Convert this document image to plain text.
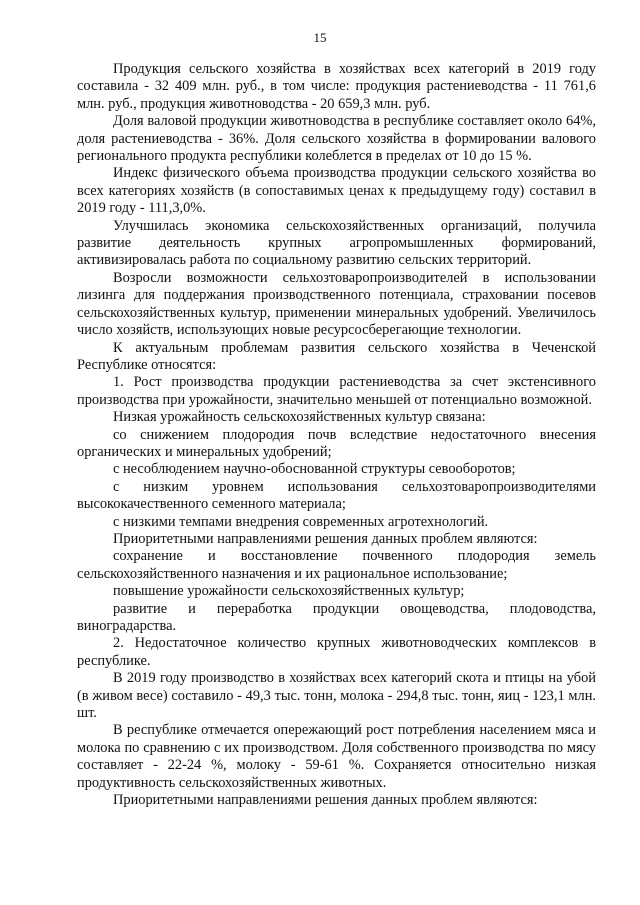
15

Продукция сельского хозяйства в хозяйствах всех категорий в 2019 году составила - 32 409 млн. руб., в том числе: продукция растениеводства - 11 761,6 млн. руб., продукция животноводства - 20 659,3 млн. руб.

Доля валовой продукции животноводства в республике составляет около 64%, доля растениеводства - 36%. Доля сельского хозяйства в формировании валового регионального продукта республики колеблется в пределах от 10 до 15 %.

Индекс физического объема производства продукции сельского хозяйства во всех категориях хозяйств (в сопоставимых ценах к предыдущему году) составил в 2019 году - 111,3,0%.

Улучшилась экономика сельскохозяйственных организаций, получила развитие деятельность крупных агропромышленных формирований, активизировалась работа по социальному развитию сельских территорий.

Возросли возможности сельхозтоваропроизводителей в использовании лизинга для поддержания производственного потенциала, страховании посевов сельскохозяйственных культур, применении минеральных удобрений. Увеличилось число хозяйств, использующих новые ресурсосберегающие технологии.

К актуальным проблемам развития сельского хозяйства в Чеченской Республике относятся:

1. Рост производства продукции растениеводства за счет экстенсивного производства при урожайности, значительно меньшей от потенциально возможной.

Низкая урожайность сельскохозяйственных культур связана:

со снижением плодородия почв вследствие недостаточного внесения органических и минеральных удобрений;

с несоблюдением научно-обоснованной структуры севооборотов;

с низким уровнем использования сельхозтоваропроизводителями высококачественного семенного материала;

с низкими темпами внедрения современных агротехнологий.

Приоритетными направлениями решения данных проблем являются:

сохранение и восстановление почвенного плодородия земель сельскохозяйственного назначения и их рациональное использование;

повышение урожайности сельскохозяйственных культур;

развитие и переработка продукции овощеводства, плодоводства, виноградарства.

2. Недостаточное количество крупных животноводческих комплексов в республике.

В 2019 году производство в хозяйствах всех категорий скота и птицы на убой (в живом весе) составило - 49,3 тыс. тонн, молока - 294,8 тыс. тонн, яиц - 123,1 млн. шт.

В республике отмечается опережающий рост потребления населением мяса и молока по сравнению с их производством. Доля собственного производства по мясу составляет - 22-24 %, молоку - 59-61 %. Сохраняется относительно низкая продуктивность сельскохозяйственных животных.

Приоритетными направлениями решения данных проблем являются:
